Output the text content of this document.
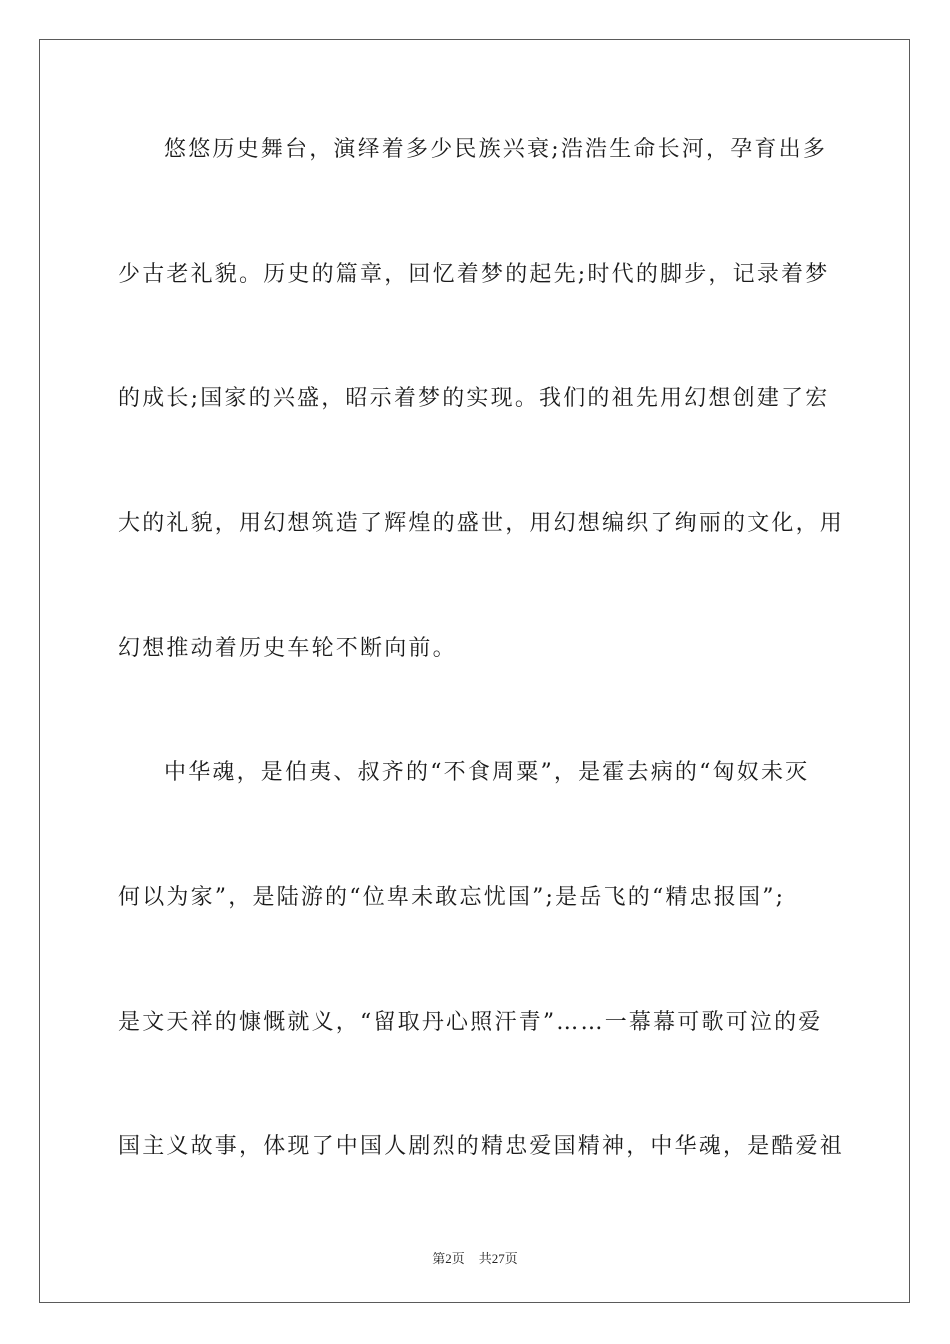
悠悠历史舞台，演绎着多少民族兴衰;浩浩生命长河，孕育出多
少古老礼貌。历史的篇章，回忆着梦的起先;时代的脚步，记录着梦
的成长;国家的兴盛，昭示着梦的实现。我们的祖先用幻想创建了宏
大的礼貌，用幻想筑造了辉煌的盛世，用幻想编织了绚丽的文化，用
幻想推动着历史车轮不断向前。
中华魂，是伯夷、叔齐的“不食周粟”，是霍去病的“匈奴未灭
何以为家”，是陆游的“位卑未敢忘忧国”;是岳飞的“精忠报国”;
是文天祥的慷慨就义，“留取丹心照汗青”……一幕幕可歌可泣的爱
国主义故事，体现了中国人剧烈的精忠爱国精神，中华魂，是酷爱祖
第2页 共27页
